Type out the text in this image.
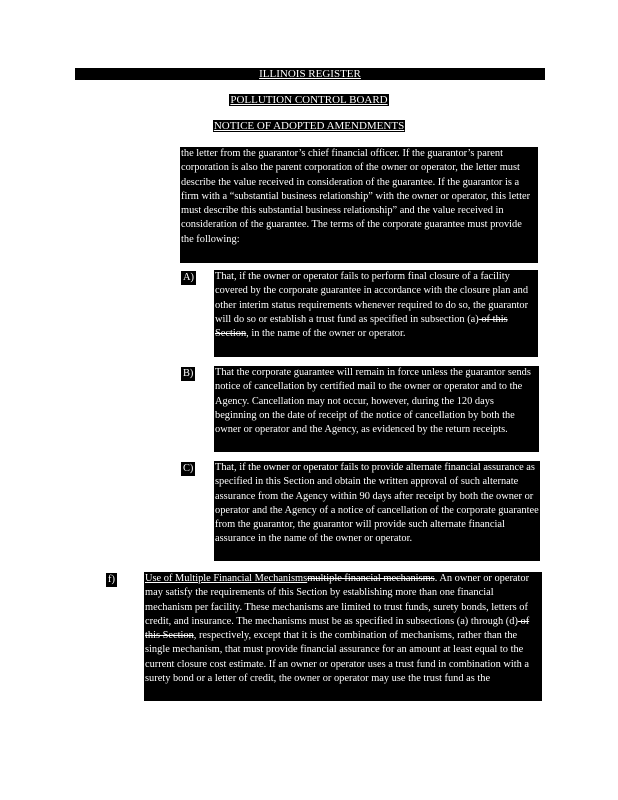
ILLINOIS REGISTER
POLLUTION CONTROL BOARD
NOTICE OF ADOPTED AMENDMENTS

the letter from the guarantor’s chief financial officer. If the guarantor’s parent corporation is also the parent corporation of the owner or operator, the letter must describe the value received in consideration of the guarantee. If the guarantor is a firm with a “substantial business relationship” with the owner or operator, this letter must describe this substantial business relationship” and the value received in consideration of the guarantee. The terms of the corporate guarantee must provide the following:

A) That, if the owner or operator fails to perform final closure of a facility covered by the corporate guarantee in accordance with the closure plan and other interim status requirements whenever required to do so, the guarantor will do so or establish a trust fund as specified in subsection (a) of this Section, in the name of the owner or operator.

B) That the corporate guarantee will remain in force unless the guarantor sends notice of cancellation by certified mail to the owner or operator and to the Agency. Cancellation may not occur, however, during the 120 days beginning on the date of receipt of the notice of cancellation by both the owner or operator and the Agency, as evidenced by the return receipts.

C) That, if the owner or operator fails to provide alternate financial assurance as specified in this Section and obtain the written approval of such alternate assurance from the Agency within 90 days after receipt by both the owner or operator and the Agency of a notice of cancellation of the corporate guarantee from the guarantor, the guarantor will provide such alternate financial assurance in the name of the owner or operator.

f)	Use of Multiple Financial Mechanismsmultiple financial mechanisms. An owner or operator may satisfy the requirements of this Section by establishing more than one financial mechanism per facility. These mechanisms are limited to trust funds, surety bonds, letters of credit, and insurance. The mechanisms must be as specified in subsections (a) through (d) of this Section, respectively, except that it is the combination of mechanisms, rather than the single mechanism, that must provide financial assurance for an amount at least equal to the current closure cost estimate. If an owner or operator uses a trust fund in combination with a surety bond or a letter of credit, the owner or operator may use the trust fund as the
